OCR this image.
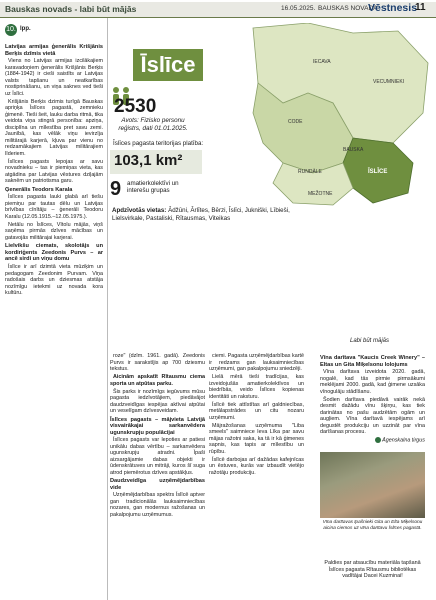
Bauskas novads - labi būt mājās	16.05.2025. BAUSKAS NOVADA
Vēstnesis
11
10. lpp.
Latvijas armijas ģenerālis Krišjānis Berķis dzīmis vietā

Viens no Latvijas armijas izcilākajiem karavadoņiem ģenerālis Krišjānis Berķis (1884-1942) ir cieši saistīts ar Latvijas valsts tapšanu un neatkarības nostiprināšanu, un viņa saknes ved tieši uz Īslīci.

Krišjānis Berķis dzimis turīgā Bauskas apriņķa Īslīces pagastā, zemnieku ģimenē. Tieši šeit, lauku darba ritmā, tika veidota viņa stingrā personība: apziņa, disciplīna un mīlestība pret savu zemi. Jaunībā, kas vēlāk viņu ievirzīja militārajā karjerā, kļuva par vienu no redzamākajiem Latvijas militārajiem līderiem.

Īslīces pagasts lepojas ar savu novadnieku – tas ir piemiņas vieta, kas atgādina par Latvijas vēstures dziļajām saknēm un patriotisma garu.

Ģenerālis Teodors Karala

Īslīces pagasta lauki glabā arī tiešu piemiņu par tautas dēlu un Latvijas brīvības cīnītāju – ģenerāli Teodoru Karalu (12.05.1915.–12.05.1975.).

Netālu no Īslīces, Vītolu mājās, viņš saņēma pirmās dzīves mācības un gatavojās militārajai karjerai.

Lielvikšu ciemats, skolotājs un kordiriģents Zeedonis Purvs – ar ancē sirdi un viņu domu

Īslīce ir arī dzimtā vieta mūziķim un pedagogam Zeedonim Purvam. Viņa radošais darbs un dziesmas atstāja nozīmīgu ietekmi uz novada kora kultūru.

Īslīce
2530
Avots: Fizisko personu reģistrs, dati 01.01.2025.
Īslīces pagasta teritorijas platība:
103,1 km²
9 amatierkolektīvi un interešu grupas
Apdzīvotās vietas: Ādžūni, Ārlītes, Bērzi, Īslīci, Jukniški, Lībieši, Lielsvirkale, Pastaliski, Rītausmas, Viteikas
IECAVA
VECUMNIEKI
CODE
RUNDĀLE
BAUSKA
MEŽOTNE
ĪSLĪCE
Labi būt mājās

roze" (dzīm. 1961. gadā). Zeedonis Purvs ir sarakstījis ap 700 dziesmu tekstus.

Aicinām apskatīt Rītausmu ciema sporta un atpūtas parku.

Šis parks ir nozīmīgs iegūvums mūsu pagasta iedzīvotājiem, piedāvājot daudzveidīgas iespējas aktīvai atpūtai un veselīgam dzīvesveidam.

Īslīces pagasts – mājvieta Latvijā visvairākajai sarkanvēdera ugunskrupju populācijai

Īslīces pagasts var lepoties ar patiesi unikālu dabas vērtību – sarkanvēdera ugunskrupju atradni. Īpaši aizsargājamie dabas objekti ir ūdenskrātuves un mitrāji, kuros šī suga atrod piemērotus dzīves apstākļus.

Daudzveidīga uzņēmējdarbības vide

Uzņēmējdarbības spektrs Īslīcē aptver gan tradicionālās lauksaimniecības nozares, gan modernus ražošanas un pakalpojumu uzņēmumus.

ciemi. Pagasta uzņēmējdarbības kartē ir redzams gan lauksaimniecības uzņēmumi, gan pakalpojumu sniedzēji.

Lielā mērā tieši tradīcijas, kas izveidojušās amatierkolektīvos un biedrībās, veido Īslīces kopienas identitāti un raksturu.

Īslīcē tiek attīstītas arī galdniecības, metālapstrādes un citu nozaru uzņēmumi.

Mājražošanas uzņēmuma "Liba smeels" saimniece Ieva Līka par savu mājas ražotni saka, ka tā ir kā ģimenes sapnis, kas tapis ar mīlestību un rūpību.

Īslīcē darbojas arī dažādas kafejnīcas un ēstuves, kurās var izbaudīt vietējo ražotāju produkciju.

Vīna darītava "Kaucis Creek Winery" – Eltas un Gita Miķelsonu lolojums

Vīna darītava izveidota 2020. gadā, nogalē, kad tās pirmie pirmsākumi meklējami 2000. gadā, kad ģimene uzsāka vīnogulāju stādīšanu.

Šodien darītava piedāvā vairāk nekā desmit dažādu vīnu šķirņu, kas tiek darinātas no pašu audzētām ogām un augļiem. Vīna darītavā iespējams arī degustēt produkciju un uzzināt par vīna darīšanas procesu.

Āgenskalna tirgus
Vīna darītavas īpašnieki Gita un Elta Miķelsonu aicina ciemos uz vīna darītavu Īslīces pagastā.
Paldies par atsaucību materiāla tapšanā Īslīces pagasta Rītausmu bibliotēkas vadītājai Dacei Kuzminai!
